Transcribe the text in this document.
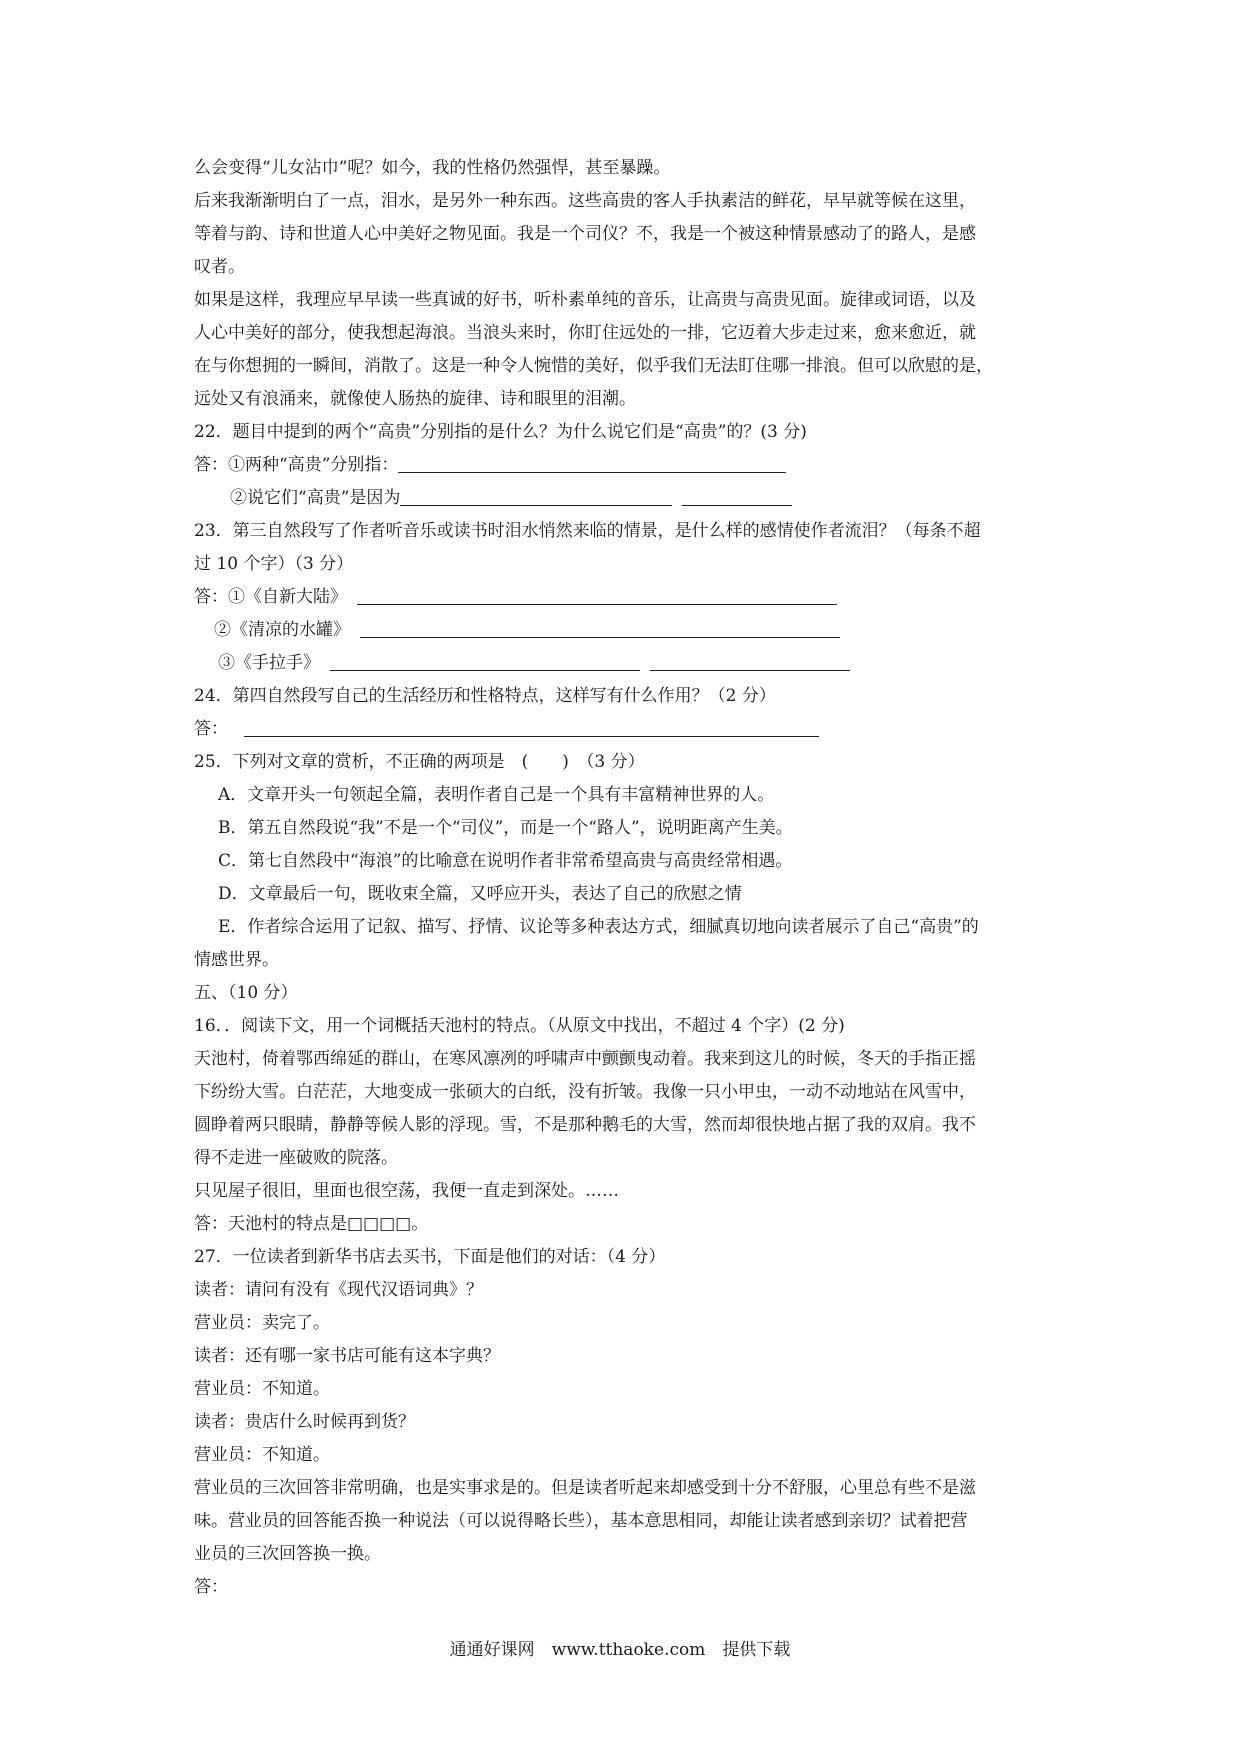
么会变得“儿女沾巾”呢？如今，我的性格仍然强悍，甚至暴躁。
后来我渐渐明白了一点，泪水，是另外一种东西。这些高贵的客人手执素洁的鲜花，早早就等候在这里，
等着与韵、诗和世道人心中美好之物见面。我是一个司仪？不，我是一个被这种情景感动了的路人，是感
叹者。
如果是这样，我理应早早读一些真诚的好书，听朴素单纯的音乐，让高贵与高贵见面。旋律或词语，以及
人心中美好的部分，使我想起海浪。当浪头来时，你盯住远处的一排，它迈着大步走过来，愈来愈近，就
在与你想拥的一瞬间，消散了。这是一种令人惋惜的美好，似乎我们无法盯住哪一排浪。但可以欣慰的是，
远处又有浪涌来，就像使人肠热的旋律、诗和眼里的泪潮。
22．题目中提到的两个“高贵”分别指的是什么？为什么说它们是“高贵”的？(3 分)
答：①两种“高贵”分别指：
②说它们“高贵”是因为
23．第三自然段写了作者听音乐或读书时泪水悄然来临的情景，是什么样的感情使作者流泪？（每条不超
过 10 个字）（3 分）
答：①《自新大陆》
②《清凉的水罐》
③《手拉手》
24．第四自然段写自己的生活经历和性格特点，这样写有什么作用？（2 分）
答：
25．下列对文章的赏析，不正确的两项是　(　　)　（3 分）
A．文章开头一句领起全篇，表明作者自己是一个具有丰富精神世界的人。
B．第五自然段说“我”不是一个“司仪”，而是一个“路人”，说明距离产生美。
C．第七自然段中“海浪”的比喻意在说明作者非常希望高贵与高贵经常相遇。
D．文章最后一句，既收束全篇，又呼应开头，表达了自己的欣慰之情
E．作者综合运用了记叙、描写、抒情、议论等多种表达方式，细腻真切地向读者展示了自己“高贵”的
情感世界。
五、（10 分）
16．．阅读下文，用一个词概括天池村的特点。（从原文中找出，不超过 4 个字）(2 分)
天池村，倚着鄂西绵延的群山，在寒风凛冽的呼啸声中颤颤曳动着。我来到这儿的时候，冬天的手指正摇
下纷纷大雪。白茫茫，大地变成一张硕大的白纸，没有折皱。我像一只小甲虫，一动不动地站在风雪中，
圆睁着两只眼睛，静静等候人影的浮现。雪，不是那种鹅毛的大雪，然而却很快地占据了我的双肩。我不
得不走进一座破败的院落。
只见屋子很旧，里面也很空荡，我便一直走到深处。……
答：天池村的特点是□□□□。
27．一位读者到新华书店去买书，下面是他们的对话：（4 分）
读者：请问有没有《现代汉语词典》？
营业员：卖完了。
读者：还有哪一家书店可能有这本字典？
营业员：不知道。
读者：贵店什么时候再到货？
营业员：不知道。
营业员的三次回答非常明确，也是实事求是的。但是读者听起来却感受到十分不舒服，心里总有些不是滋
味。营业员的回答能否换一种说法（可以说得略长些），基本意思相同，却能让读者感到亲切？试着把营
业员的三次回答换一换。
答：
通通好课网　www.tthaoke.com　提供下载
